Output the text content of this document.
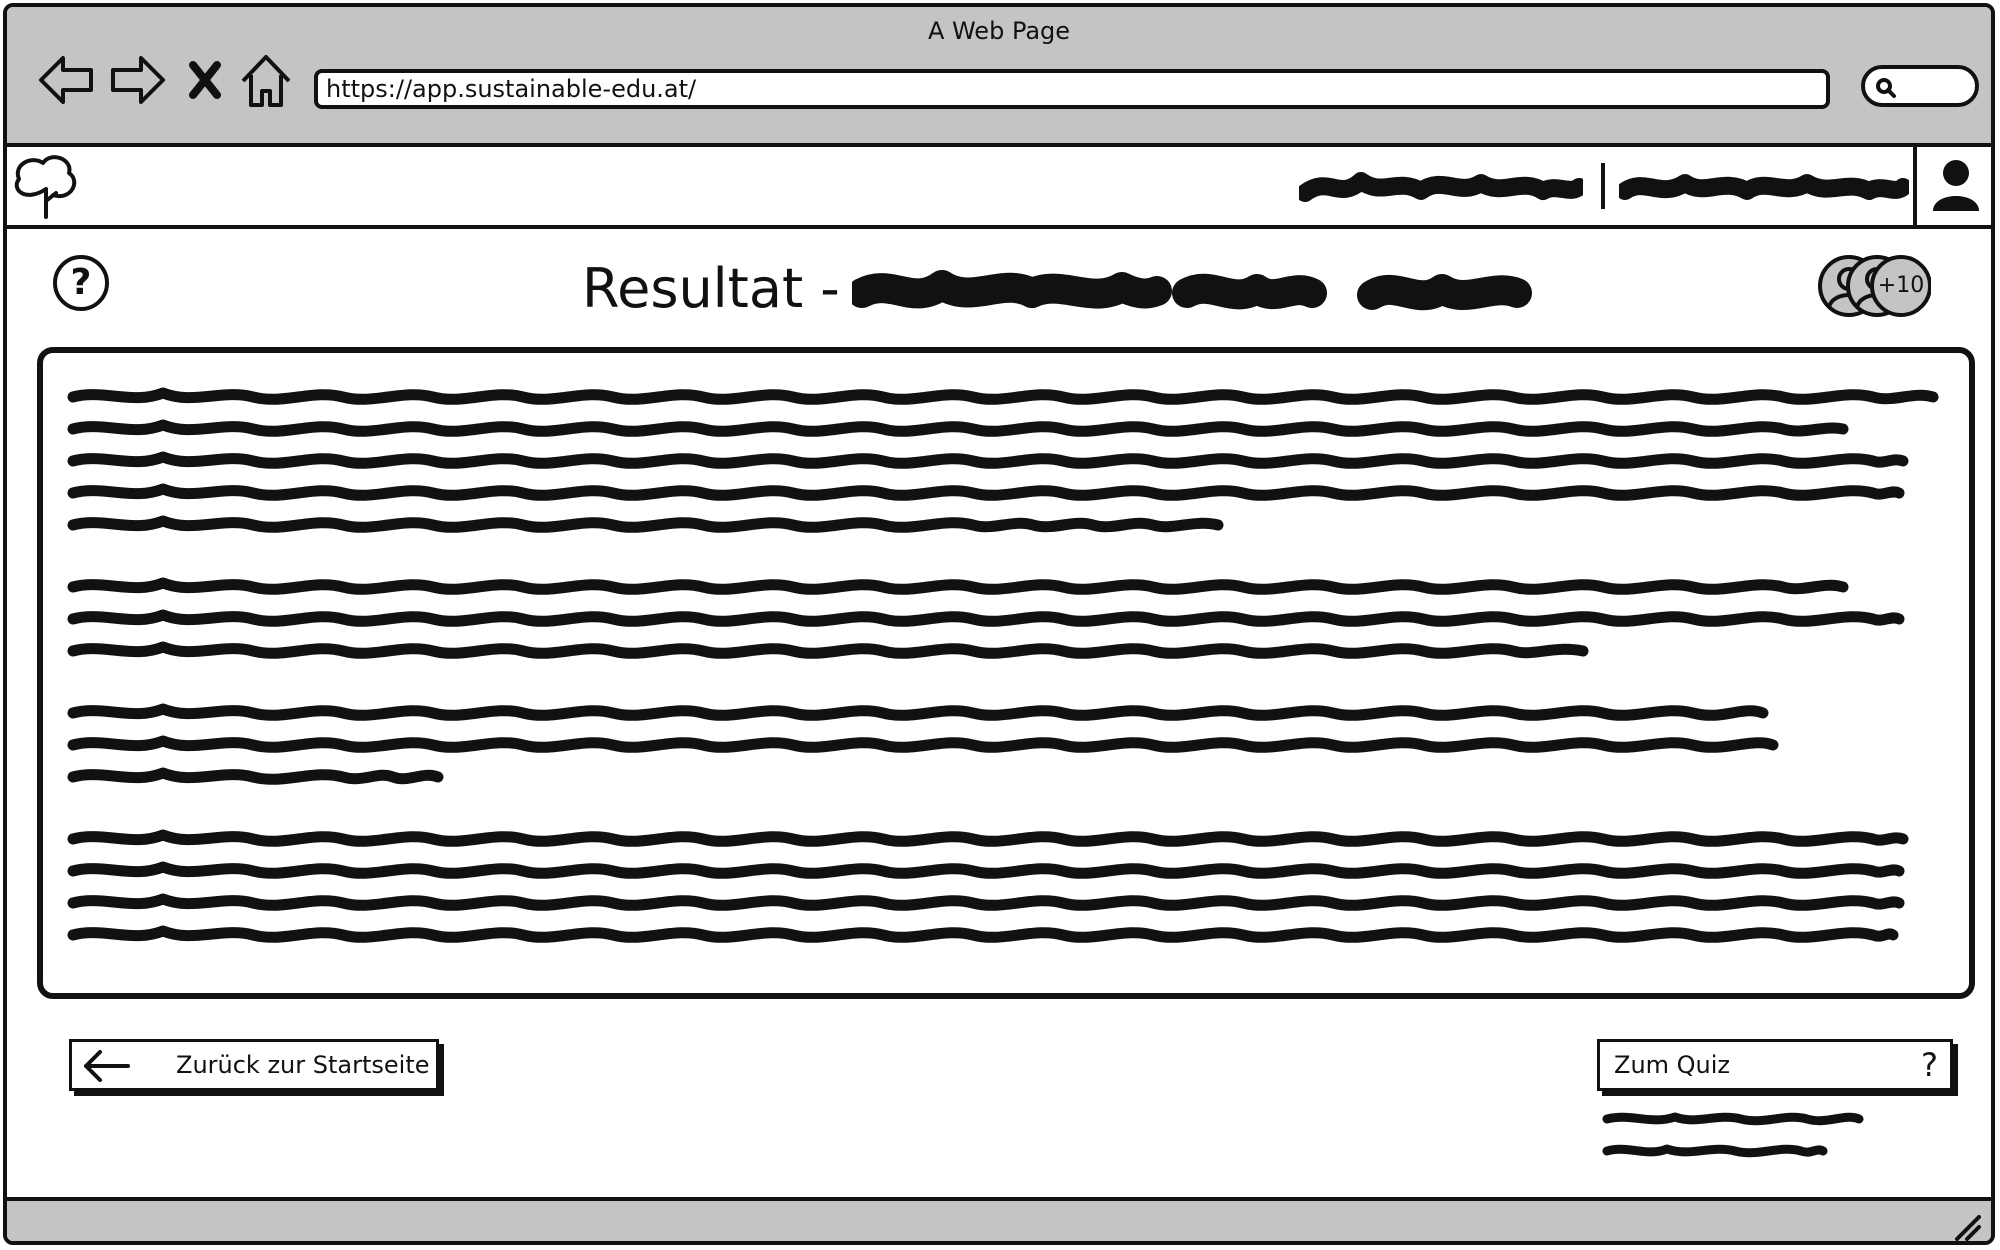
A Web Page
https://app.sustainable-edu.at/
?	Resultat -	+10
Zurück zur Startseite	Zum Quiz	?
